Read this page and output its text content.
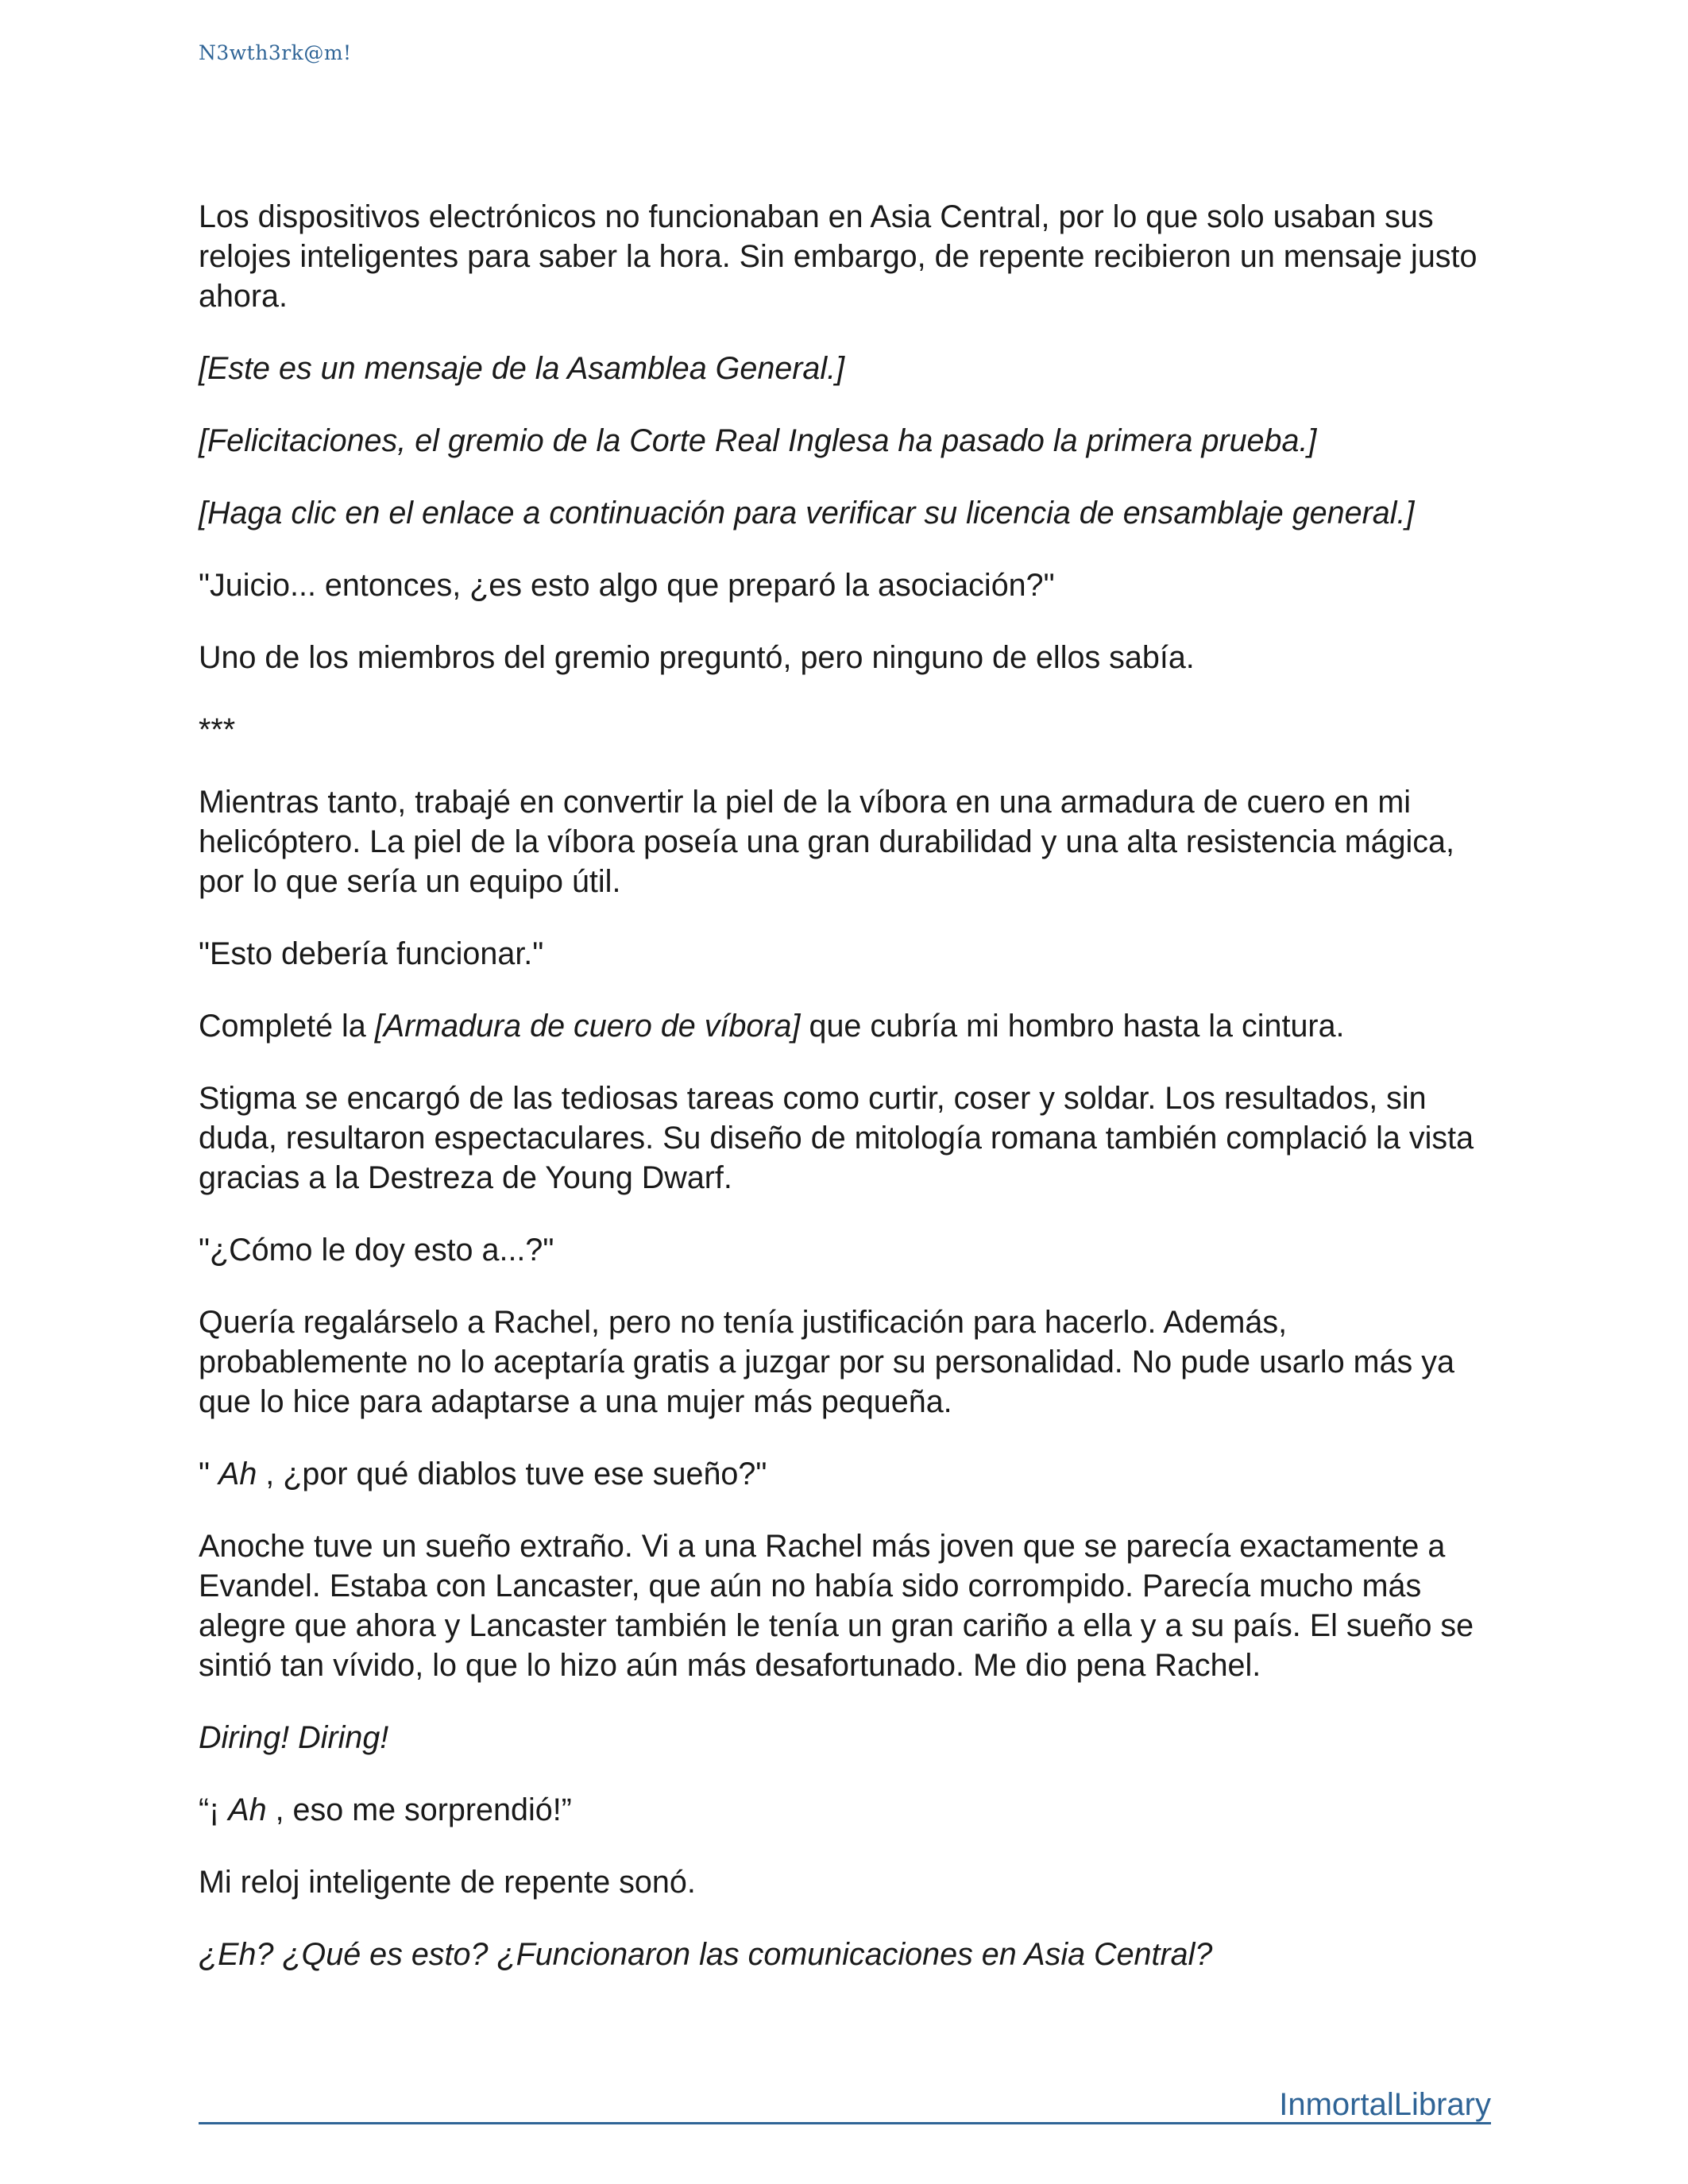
N3wth3rk@m!

Los dispositivos electrónicos no funcionaban en Asia Central, por lo que solo usaban sus relojes inteligentes para saber la hora. Sin embargo, de repente recibieron un mensaje justo ahora.

[Este es un mensaje de la Asamblea General.]

[Felicitaciones, el gremio de la Corte Real Inglesa ha pasado la primera prueba.]

[Haga clic en el enlace a continuación para verificar su licencia de ensamblaje general.]

"Juicio... entonces, ¿es esto algo que preparó la asociación?"

Uno de los miembros del gremio preguntó, pero ninguno de ellos sabía.

***

Mientras tanto, trabajé en convertir la piel de la víbora en una armadura de cuero en mi helicóptero. La piel de la víbora poseía una gran durabilidad y una alta resistencia mágica, por lo que sería un equipo útil.

"Esto debería funcionar."

Completé la [Armadura de cuero de víbora] que cubría mi hombro hasta la cintura.

Stigma se encargó de las tediosas tareas como curtir, coser y soldar. Los resultados, sin duda, resultaron espectaculares. Su diseño de mitología romana también complació la vista gracias a la Destreza de Young Dwarf.

"¿Cómo le doy esto a...?"

Quería regalárselo a Rachel, pero no tenía justificación para hacerlo. Además, probablemente no lo aceptaría gratis a juzgar por su personalidad. No pude usarlo más ya que lo hice para adaptarse a una mujer más pequeña.

" Ah , ¿por qué diablos tuve ese sueño?"

Anoche tuve un sueño extraño. Vi a una Rachel más joven que se parecía exactamente a Evandel. Estaba con Lancaster, que aún no había sido corrompido. Parecía mucho más alegre que ahora y Lancaster también le tenía un gran cariño a ella y a su país. El sueño se sintió tan vívido, lo que lo hizo aún más desafortunado. Me dio pena Rachel.

Diring! Diring!

“¡ Ah , eso me sorprendió!”

Mi reloj inteligente de repente sonó.

¿Eh? ¿Qué es esto? ¿Funcionaron las comunicaciones en Asia Central?

InmortalLibrary
